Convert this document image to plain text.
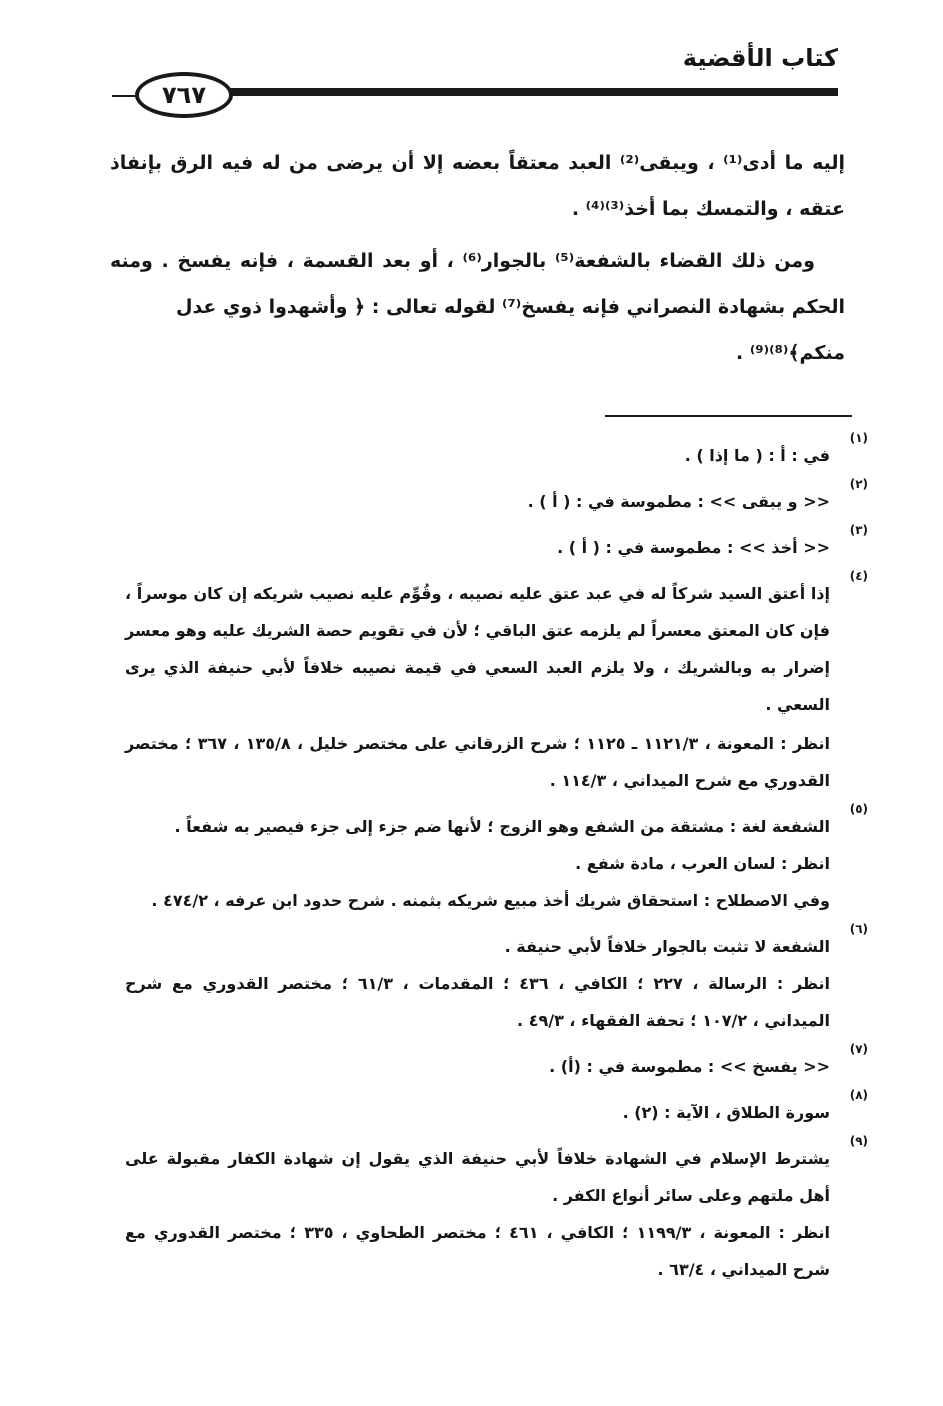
كتاب الأقضية
٧٦٧

إليه ما أدى⁽¹⁾ ، ويبقى⁽²⁾ العبد معتقاً بعضه إلا أن يرضى من له فيه الرق بإنفاذ عتقه ، والتمسك بما أخذ⁽³⁾⁽⁴⁾ .

ومن ذلك القضاء بالشفعة⁽⁵⁾ بالجوار⁽⁶⁾ ، أو بعد القسمة ، فإنه يفسخ . ومنه الحكم بشهادة النصراني فإنه يفسخ⁽⁷⁾ لقوله تعالى : ﴿ وأشهدوا ذوي عدل

منكم﴾⁽⁸⁾⁽⁹⁾ .

(١)

في : أ : ( ما إذا ) .

(٢)

<< و يبقى >> : مطموسة في : ( أ ) .

(٣)

<< أخذ >> : مطموسة في : ( أ ) .

(٤)

إذا أعتق السيد شركاً له في عبد عتق عليه نصيبه ، وقُوِّم عليه نصيب شريكه إن كان موسراً ، فإن كان المعتق معسراً لم يلزمه عتق الباقي ؛ لأن في تقويم حصة الشريك عليه وهو معسر إضرار به وبالشريك ، ولا يلزم العبد السعي في قيمة نصيبه خلافاً لأبي حنيفة الذي يرى السعي .

انظر : المعونة ، ١١٢١/٣ ـ ١١٢٥ ؛ شرح الزرقاني على مختصر خليل ، ١٣٥/٨ ، ٣٦٧ ؛ مختصر القدوري مع شرح الميداني ، ١١٤/٣ .

(٥)

الشفعة لغة : مشتقة من الشفع وهو الزوج ؛ لأنها ضم جزء إلى جزء فيصير به شفعاً .

انظر : لسان العرب ، مادة شفع .

وفي الاصطلاح : استحقاق شريك أخذ مبيع شريكه بثمنه . شرح حدود ابن عرفه ، ٤٧٤/٢ .

(٦)

الشفعة لا تثبت بالجوار خلافاً لأبي حنيفة .

انظر : الرسالة ، ٢٢٧ ؛ الكافي ، ٤٣٦ ؛ المقدمات ، ٦١/٣ ؛ مختصر القدوري مع شرح الميداني ، ١٠٧/٢ ؛ تحفة الفقهاء ، ٤٩/٣ .

(٧)

<< يفسخ >> : مطموسة في : (أ) .

(٨)

سورة الطلاق ، الآية : (٢) .

(٩)

يشترط الإسلام في الشهادة خلافاً لأبي حنيفة الذي يقول إن شهادة الكفار مقبولة على أهل ملتهم وعلى سائر أنواع الكفر .

انظر : المعونة ، ١١٩٩/٣ ؛ الكافي ، ٤٦١ ؛ مختصر الطحاوي ، ٣٣٥ ؛ مختصر القدوري مع شرح الميداني ، ٦٣/٤ .
